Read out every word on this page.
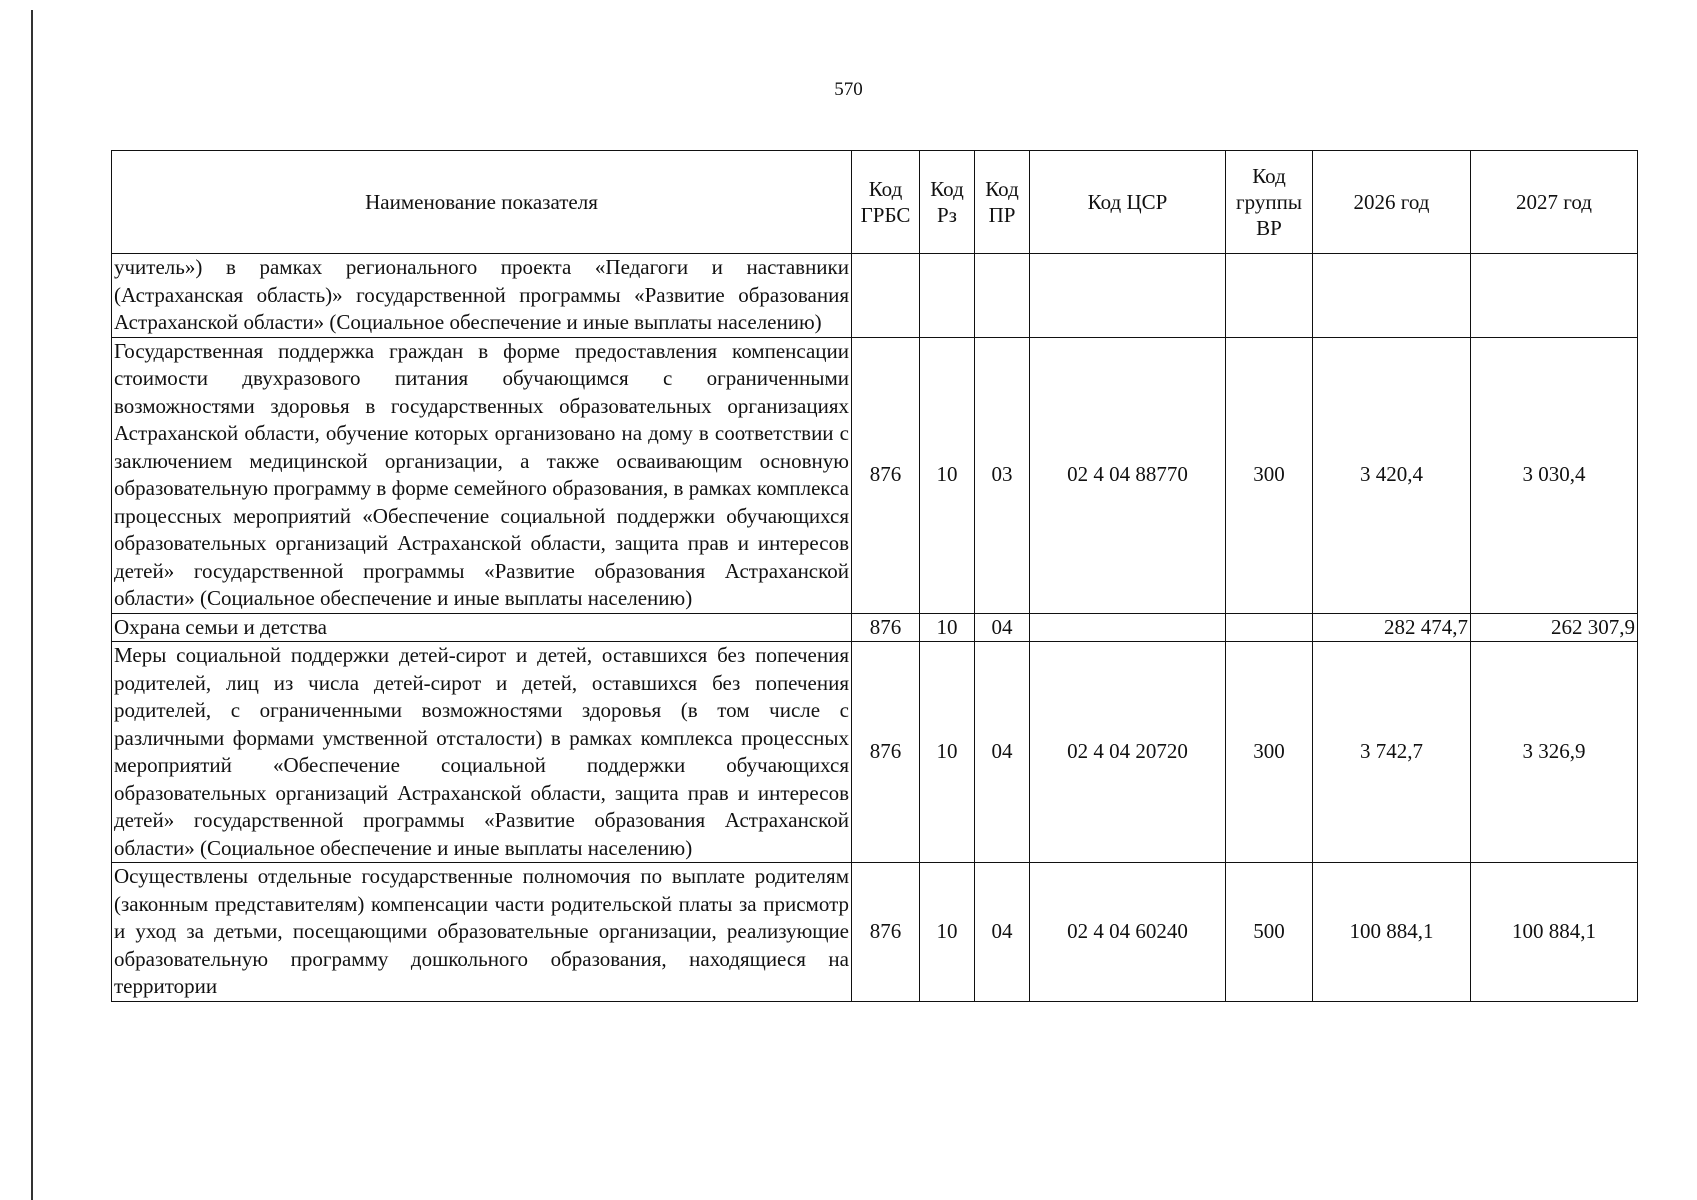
570
Наименование показателя	Код ГРБС	Код Рз	Код ПР	Код ЦСР	Код группы ВР	2026 год	2027 год
учитель») в рамках регионального проекта «Педагоги и наставники (Астраханская область)» государственной программы «Развитие образования Астраханской области» (Социальное обеспечение и иные выплаты населению)							
Государственная поддержка граждан в форме предоставления компенсации стоимости двухразового питания обучающимся с ограниченными возможностями здоровья в государственных образовательных организациях Астраханской области, обучение которых организовано на дому в соответствии с заключением медицинской организации, а также осваивающим основную образовательную программу в форме семейного образования, в рамках комплекса процессных мероприятий «Обеспечение социальной поддержки обучающихся образовательных организаций Астраханской области, защита прав и интересов детей» государственной программы «Развитие образования Астраханской области» (Социальное обеспечение и иные выплаты населению)	876	10	03	02 4 04 88770	300	3 420,4	3 030,4
Охрана семьи и детства	876	10	04			282 474,7	262 307,9
Меры социальной поддержки детей-сирот и детей, оставшихся без попечения родителей, лиц из числа детей-сирот и детей, оставшихся без попечения родителей, с ограниченными возможностями здоровья (в том числе с различными формами умственной отсталости) в рамках комплекса процессных мероприятий «Обеспечение социальной поддержки обучающихся образовательных организаций Астраханской области, защита прав и интересов детей» государственной программы «Развитие образования Астраханской области» (Социальное обеспечение и иные выплаты населению)	876	10	04	02 4 04 20720	300	3 742,7	3 326,9
Осуществлены отдельные государственные полномочия по выплате родителям (законным представителям) компенсации части родительской платы за присмотр и уход за детьми, посещающими образовательные организации, реализующие образовательную программу дошкольного образования, находящиеся на территории	876	10	04	02 4 04 60240	500	100 884,1	100 884,1
